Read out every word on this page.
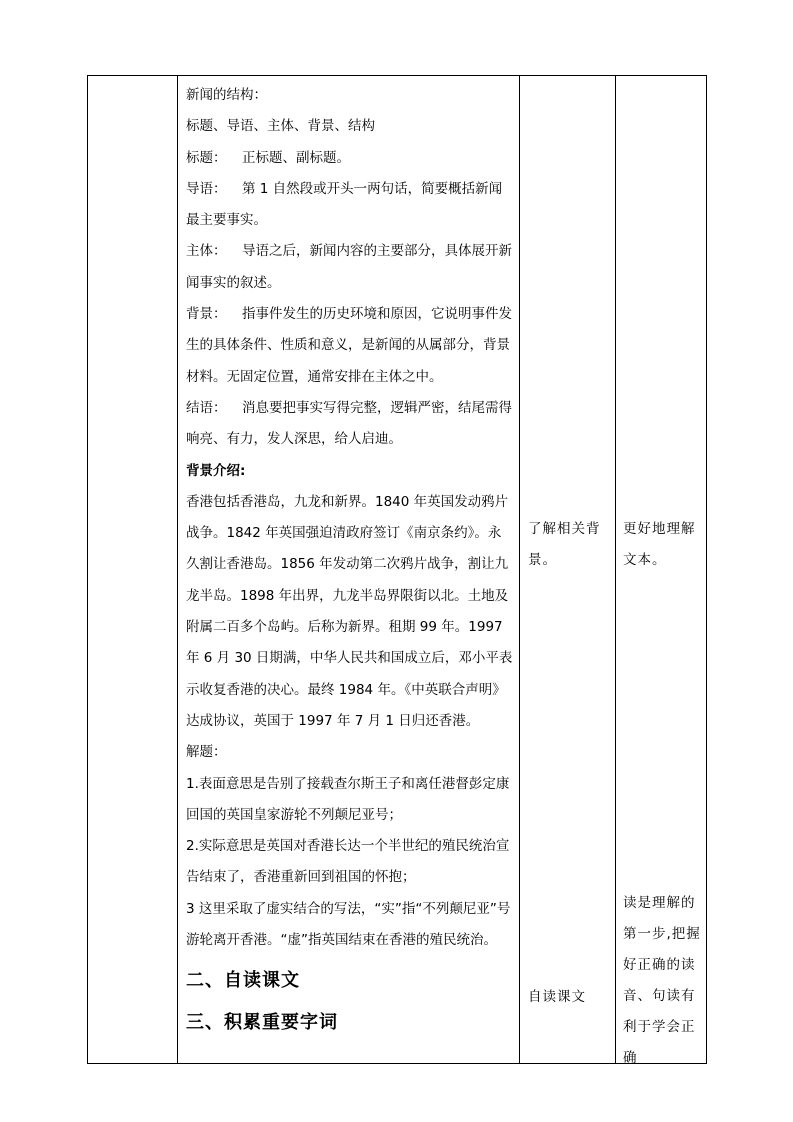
新闻的结构：

标题、导语、主体、背景、结构

标题： 正标题、副标题。

导语： 第 1 自然段或开头一两句话，简要概括新闻最主要事实。

主体： 导语之后，新闻内容的主要部分，具体展开新闻事实的叙述。

背景： 指事件发生的历史环境和原因，它说明事件发生的具体条件、性质和意义，是新闻的从属部分，背景材料。无固定位置，通常安排在主体之中。

结语： 消息要把事实写得完整，逻辑严密，结尾需得响亮、有力，发人深思，给人启迪。

背景介绍:

香港包括香港岛，九龙和新界。1840 年英国发动鸦片战争。1842 年英国强迫清政府签订《南京条约》。永久割让香港岛。1856 年发动第二次鸦片战争，割让九龙半岛。1898 年出界，九龙半岛界限街以北。土地及附属二百多个岛屿。后称为新界。租期 99 年。1997 年 6 月 30 日期满，中华人民共和国成立后，邓小平表示收复香港的决心。最终 1984 年。《中英联合声明》达成协议，英国于 1997 年 7 月 1 日归还香港。

解题：

1.表面意思是告别了接载查尔斯王子和离任港督彭定康回国的英国皇家游轮不列颠尼亚号；

2.实际意思是英国对香港长达一个半世纪的殖民统治宣告结束了，香港重新回到祖国的怀抱；

3 这里采取了虚实结合的写法，“实”指“不列颠尼亚”号游轮离开香港。“虚”指英国结束在香港的殖民统治。

二、自读课文

三、积累重要字词

了解相关背景。

自读课文

更好地理解文本。

读是理解的第一步,把握好正确的读音、句读有利于学会正确
